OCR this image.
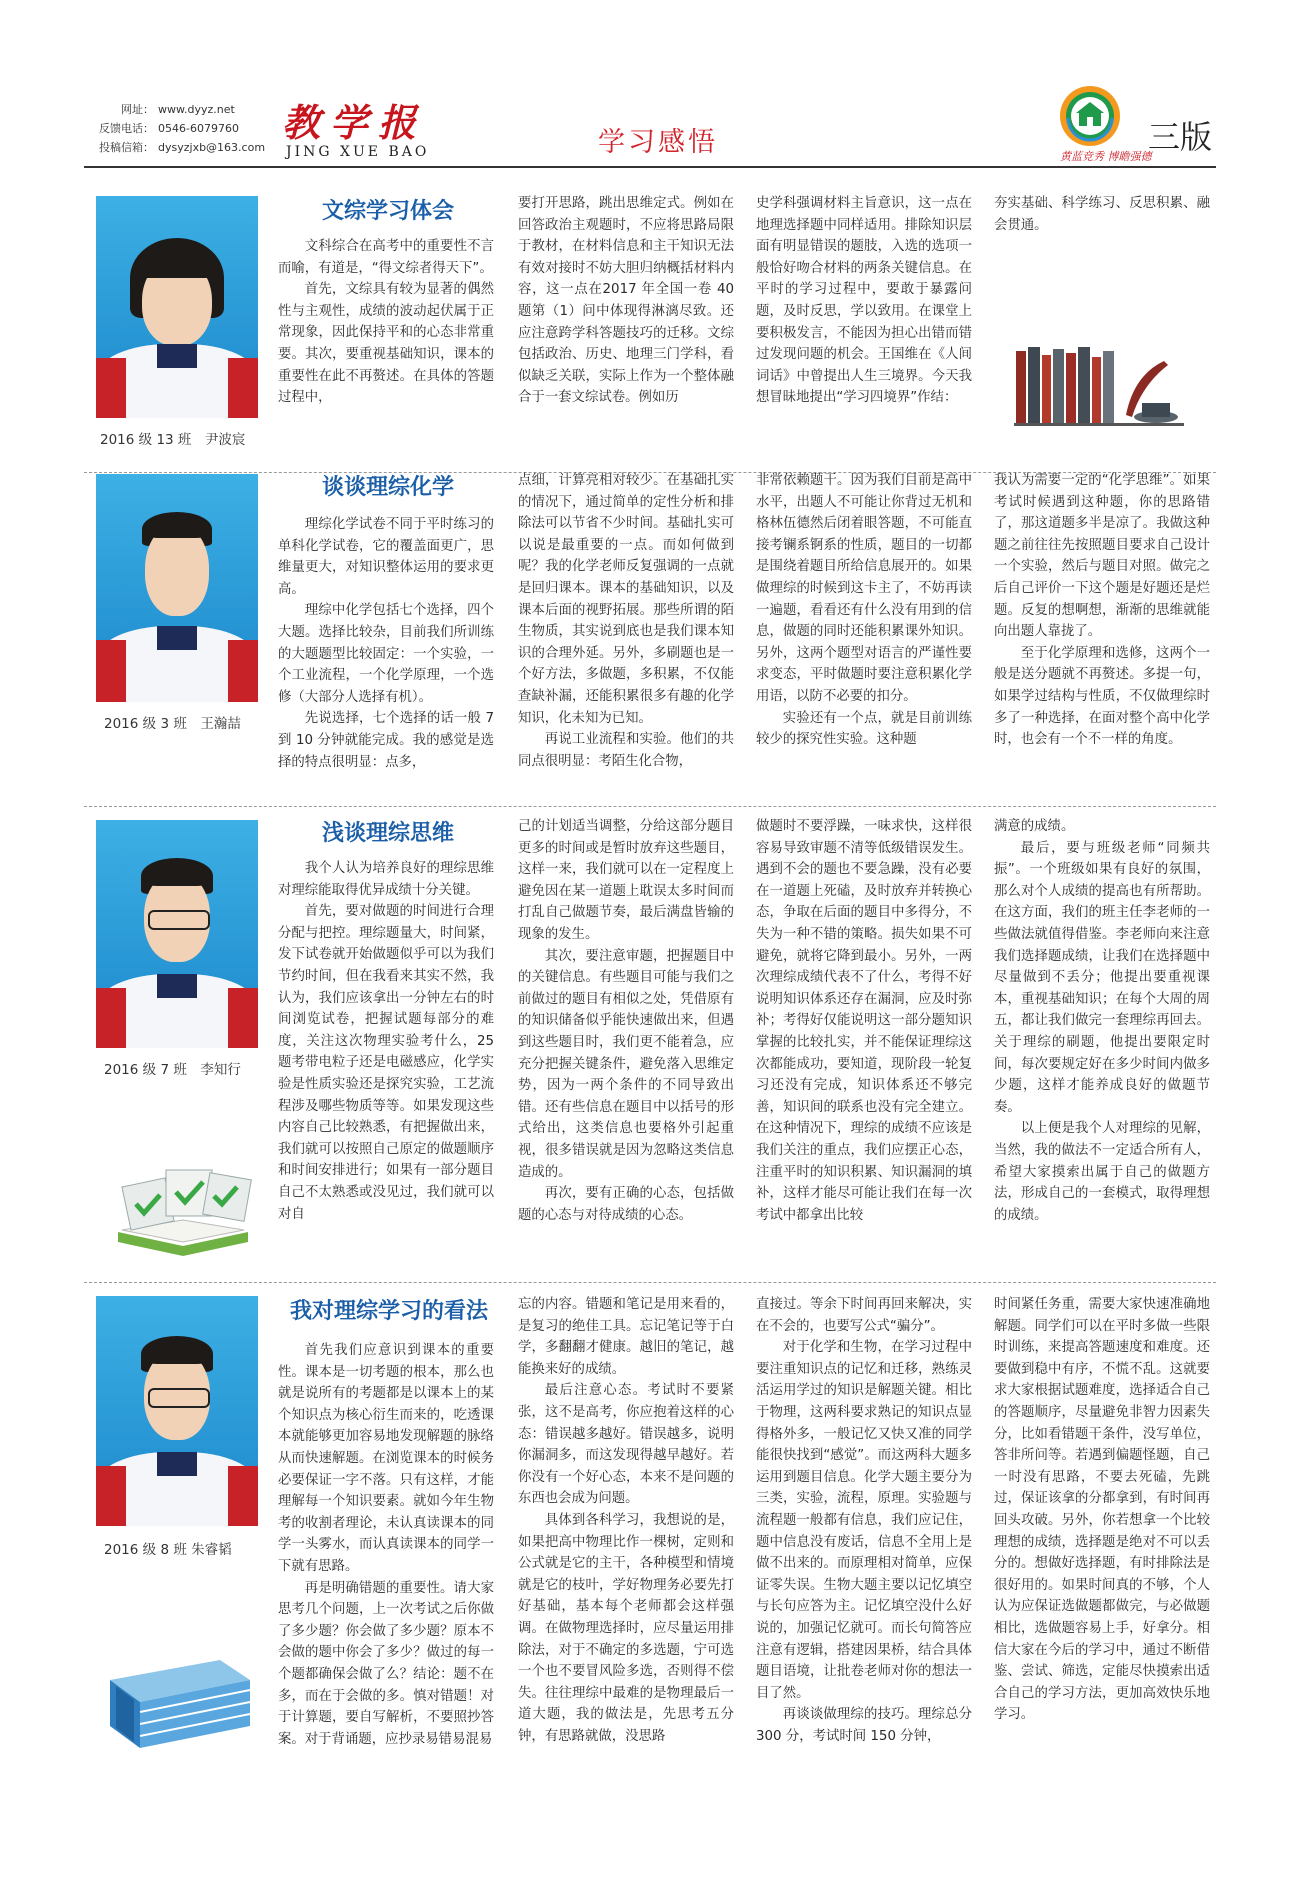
网址： www.dyyz.net
反馈电话： 0546-6079760
投稿信箱： dysyzjxb@163.com
教学报
JING XUE BAO	学习感悟	三版
黄蓝竞秀 博瞻强德
2016 级 13 班　尹波宸
文综学习体会

文科综合在高考中的重要性不言而喻，有道是，“得文综者得天下”。

首先，文综具有较为显著的偶然性与主观性，成绩的波动起伏属于正常现象，因此保持平和的心态非常重要。其次，要重视基础知识，课本的重要性在此不再赘述。在具体的答题过程中，

要打开思路，跳出思维定式。例如在回答政治主观题时，不应将思路局限于教材，在材料信息和主干知识无法有效对接时不妨大胆归纳概括材料内容，这一点在2017 年全国一卷 40 题第（1）问中体现得淋漓尽致。还应注意跨学科答题技巧的迁移。文综包括政治、历史、地理三门学科，看似缺乏关联，实际上作为一个整体融合于一套文综试卷。例如历

史学科强调材料主旨意识，这一点在地理选择题中同样适用。排除知识层面有明显错误的题肢，入选的选项一般恰好吻合材料的两条关键信息。在平时的学习过程中，要敢于暴露问题，及时反思，学以致用。在课堂上要积极发言，不能因为担心出错而错过发现问题的机会。王国维在《人间词话》中曾提出人生三境界。今天我想冒昧地提出“学习四境界”作结：

夯实基础、科学练习、反思积累、融会贯通。

2016 级 3 班　王瀚喆
谈谈理综化学

理综化学试卷不同于平时练习的单科化学试卷，它的覆盖面更广，思维量更大，对知识整体运用的要求更高。

理综中化学包括七个选择，四个大题。选择比较杂，目前我们所训练的大题题型比较固定：一个实验，一个工业流程，一个化学原理，一个选修（大部分人选择有机）。

先说选择，七个选择的话一般 7 到 10 分钟就能完成。我的感觉是选择的特点很明显：点多，

点细，计算亮相对较少。在基础扎实的情况下，通过简单的定性分析和排除法可以节省不少时间。基础扎实可以说是最重要的一点。而如何做到呢？我的化学老师反复强调的一点就是回归课本。课本的基础知识，以及课本后面的视野拓展。那些所谓的陌生物质，其实说到底也是我们课本知识的合理外延。另外，多刷题也是一个好方法，多做题，多积累，不仅能查缺补漏，还能积累很多有趣的化学知识，化未知为已知。

再说工业流程和实验。他们的共同点很明显：考陌生化合物，

非常依赖题干。因为我们目前是高中水平，出题人不可能让你背过无机和格林伍德然后闭着眼答题，不可能直接考镧系锕系的性质，题目的一切都是围绕着题目所给信息展开的。如果做理综的时候到这卡主了，不妨再读一遍题，看看还有什么没有用到的信息，做题的同时还能积累课外知识。另外，这两个题型对语言的严谨性要求变态，平时做题时要注意积累化学用语，以防不必要的扣分。

实验还有一个点，就是目前训练较少的探究性实验。这种题

我认为需要一定的“化学思维”。如果考试时候遇到这种题，你的思路错了，那这道题多半是凉了。我做这种题之前往往先按照题目要求自己设计一个实验，然后与题目对照。做完之后自己评价一下这个题是好题还是烂题。反复的想啊想，渐渐的思维就能向出题人靠拢了。

至于化学原理和选修，这两个一般是送分题就不再赘述。多提一句，如果学过结构与性质，不仅做理综时多了一种选择，在面对整个高中化学时，也会有一个不一样的角度。

2016 级 7 班　李知行
浅谈理综思维

我个人认为培养良好的理综思维对理综能取得优异成绩十分关键。

首先，要对做题的时间进行合理分配与把控。理综题量大，时间紧，发下试卷就开始做题似乎可以为我们节约时间，但在我看来其实不然，我认为，我们应该拿出一分钟左右的时间浏览试卷，把握试题每部分的难度，关注这次物理实验考什么，25 题考带电粒子还是电磁感应，化学实验是性质实验还是探究实验，工艺流程涉及哪些物质等等。如果发现这些内容自己比较熟悉，有把握做出来，我们就可以按照自己原定的做题顺序和时间安排进行；如果有一部分题目自己不太熟悉或没见过，我们就可以对自

己的计划适当调整，分给这部分题目更多的时间或是暂时放弃这些题目，这样一来，我们就可以在一定程度上避免因在某一道题上耽误太多时间而打乱自己做题节奏，最后满盘皆输的现象的发生。

其次，要注意审题，把握题目中的关键信息。有些题目可能与我们之前做过的题目有相似之处，凭借原有的知识储备似乎能快速做出来，但遇到这些题目时，我们更不能着急，应充分把握关键条件，避免落入思维定势，因为一两个条件的不同导致出错。还有些信息在题目中以括号的形式给出，这类信息也要格外引起重视，很多错误就是因为忽略这类信息造成的。

再次，要有正确的心态，包括做题的心态与对待成绩的心态。

做题时不要浮躁，一味求快，这样很容易导致审题不清等低级错误发生。遇到不会的题也不要急躁，没有必要在一道题上死磕，及时放弃并转换心态，争取在后面的题目中多得分，不失为一种不错的策略。损失如果不可避免，就将它降到最小。另外，一两次理综成绩代表不了什么，考得不好说明知识体系还存在漏洞，应及时弥补；考得好仅能说明这一部分题知识掌握的比较扎实，并不能保证理综这次都能成功，要知道，现阶段一轮复习还没有完成，知识体系还不够完善，知识间的联系也没有完全建立。在这种情况下，理综的成绩不应该是我们关注的重点，我们应摆正心态，注重平时的知识积累、知识漏洞的填补，这样才能尽可能让我们在每一次考试中都拿出比较

满意的成绩。

最后，要与班级老师“同频共振”。一个班级如果有良好的氛围，那么对个人成绩的提高也有所帮助。在这方面，我们的班主任李老师的一些做法就值得借鉴。李老师向来注意我们选择题成绩，让我们在选择题中尽量做到不丢分；他提出要重视课本，重视基础知识；在每个大周的周五，都让我们做完一套理综再回去。关于理综的刷题，他提出要限定时间，每次要规定好在多少时间内做多少题，这样才能养成良好的做题节奏。

以上便是我个人对理综的见解，当然，我的做法不一定适合所有人，希望大家摸索出属于自己的做题方法，形成自己的一套模式，取得理想的成绩。

2016 级 8 班 朱睿韬
我对理综学习的看法

首先我们应意识到课本的重要性。课本是一切考题的根本，那么也就是说所有的考题都是以课本上的某个知识点为核心衍生而来的，吃透课本就能够更加容易地发现解题的脉络从而快速解题。在浏览课本的时候务必要保证一字不落。只有这样，才能理解每一个知识要素。就如今年生物考的收割者理论，未认真读课本的同学一头雾水，而认真读课本的同学一下就有思路。

再是明确错题的重要性。请大家思考几个问题，上一次考试之后你做了多少题？你会做了多少题？原本不会做的题中你会了多少？做过的每一个题都确保会做了么？结论：题不在多，而在于会做的多。慎对错题！对于计算题，要自写解析，不要照抄答案。对于背诵题，应抄录易错易混易

忘的内容。错题和笔记是用来看的，是复习的绝佳工具。忘记笔记等于白学，多翻翻才健康。越旧的笔记，越能换来好的成绩。

最后注意心态。考试时不要紧张，这不是高考，你应抱着这样的心态：错误越多越好。错误越多，说明你漏洞多，而这发现得越早越好。若你没有一个好心态，本来不是问题的东西也会成为问题。

具体到各科学习，我想说的是，如果把高中物理比作一棵树，定则和公式就是它的主干，各种模型和情境就是它的枝叶，学好物理务必要先打好基础，基本每个老师都会这样强调。在做物理选择时，应尽量运用排除法，对于不确定的多选题，宁可选一个也不要冒风险多选，否则得不偿失。往往理综中最难的是物理最后一道大题，我的做法是，先思考五分钟，有思路就做，没思路

直接过。等余下时间再回来解决，实在不会的，也要写公式“骗分”。

对于化学和生物，在学习过程中要注重知识点的记忆和迁移，熟练灵活运用学过的知识是解题关键。相比于物理，这两科要求熟记的知识点显得格外多，一般记忆又快又准的同学能很快找到“感觉”。而这两科大题多运用到题目信息。化学大题主要分为三类，实验，流程，原理。实验题与流程题一般都有信息，我们应记住，题中信息没有废话，信息不全用上是做不出来的。而原理相对简单，应保证零失误。生物大题主要以记忆填空与长句应答为主。记忆填空没什么好说的，加强记忆就可。而长句简答应注意有逻辑，搭建因果桥，结合具体题目语境，让批卷老师对你的想法一目了然。

再谈谈做理综的技巧。理综总分 300 分，考试时间 150 分钟，

时间紧任务重，需要大家快速准确地解题。同学们可以在平时多做一些限时训练，来提高答题速度和难度。还要做到稳中有序，不慌不乱。这就要求大家根据试题难度，选择适合自己的答题顺序，尽量避免非智力因素失分，比如看错题干条件，没写单位，答非所问等。若遇到偏题怪题，自己一时没有思路，不要去死磕，先跳过，保证该拿的分都拿到，有时间再回头攻破。另外，你若想拿一个比较理想的成绩，选择题是绝对不可以丢分的。想做好选择题，有时排除法是很好用的。如果时间真的不够，个人认为应保证选做题都做完，与必做题相比，选做题容易上手，好拿分。相信大家在今后的学习中，通过不断借鉴、尝试、筛选，定能尽快摸索出适合自己的学习方法，更加高效快乐地学习。
